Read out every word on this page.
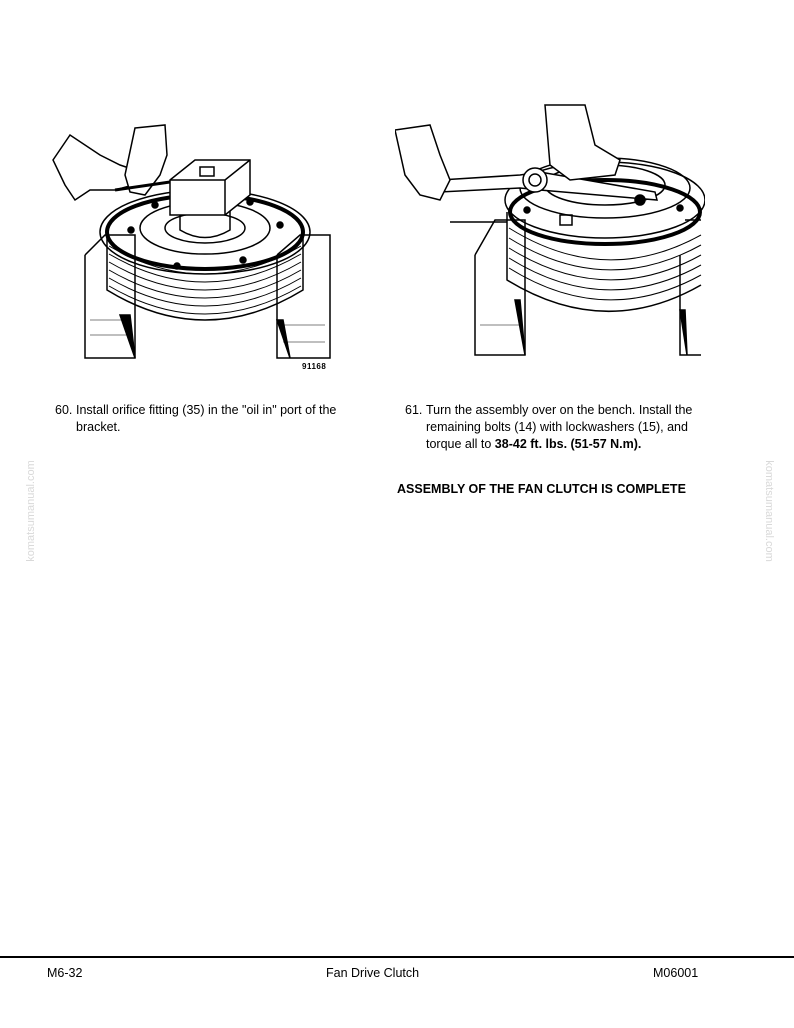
91168
60. Install orifice fitting (35) in the "oil in" port of the
bracket.
61. Turn the assembly over on the bench. Install the
remaining bolts (14) with lockwashers (15), and
torque all to 38-42 ft. lbs. (51-57 N.m).
ASSEMBLY OF THE FAN CLUTCH IS COMPLETE
komatsumanual.com	komatsumanual.com
M6-32	Fan Drive Clutch	M06001
